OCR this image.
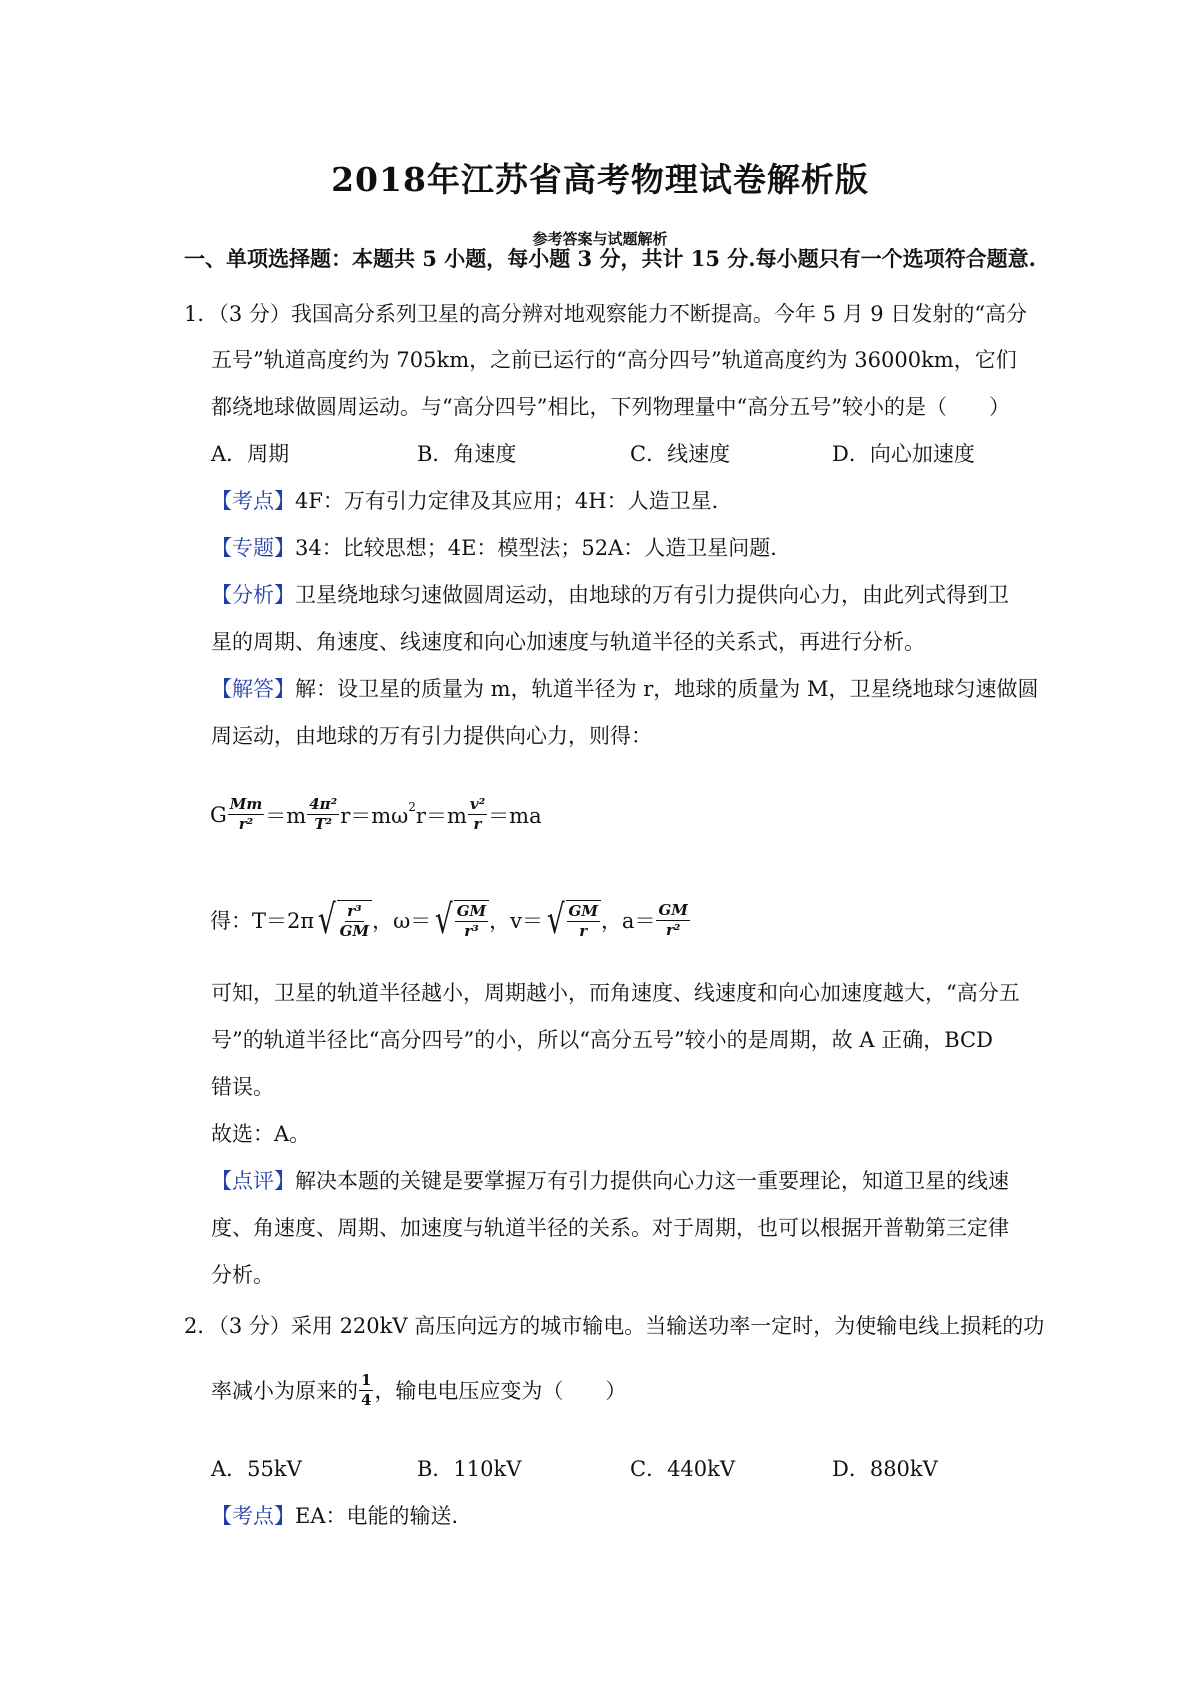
2018年江苏省高考物理试卷解析版
参考答案与试题解析
一、单项选择题：本题共 5 小题，每小题 3 分，共计 15 分.每小题只有一个选项符合题意.
1．（3 分）我国高分系列卫星的高分辨对地观察能力不断提高。今年 5 月 9 日发射的“高分
五号”轨道高度约为 705km，之前已运行的“高分四号”轨道高度约为 36000km，它们
都绕地球做圆周运动。与“高分四号”相比，下列物理量中“高分五号”较小的是（　　）
A．周期	B．角速度	C．线速度	D．向心加速度
【考点】4F：万有引力定律及其应用；4H：人造卫星．
【专题】34：比较思想；4E：模型法；52A：人造卫星问题．
【分析】卫星绕地球匀速做圆周运动，由地球的万有引力提供向心力，由此列式得到卫
星的周期、角速度、线速度和向心加速度与轨道半径的关系式，再进行分析。
【解答】解：设卫星的质量为 m，轨道半径为 r，地球的质量为 M，卫星绕地球匀速做圆
周运动，由地球的万有引力提供向心力，则得：
G $\frac{Mm}{\text{r²}} =m \frac{\text{4π²}}{\text{T²}} r=m\omega^2$ $r=m \frac{\text{v²}}{r} =ma$
得：T＝2π √ $\frac{\text{r³}}{GM}$ ，ω＝ √ $\frac{GM}{\text{r³}}$ ，v＝ √ $\frac{GM}{r}$ ，$a= \frac{GM}{\text{r²}}$
可知，卫星的轨道半径越小，周期越小，而角速度、线速度和向心加速度越大，“高分五
号”的轨道半径比“高分四号”的小，所以“高分五号”较小的是周期，故 A 正确，BCD
错误。
故选：A。
【点评】解决本题的关键是要掌握万有引力提供向心力这一重要理论，知道卫星的线速
度、角速度、周期、加速度与轨道半径的关系。对于周期，也可以根据开普勒第三定律
分析。
2．（3 分）采用 220kV 高压向远方的城市输电。当输送功率一定时，为使输电线上损耗的功
率减小为原来的 $\frac{1}{4}$ ，输电电压应变为（　　）
A．55kV	B．110kV	C．440kV	D．880kV
【考点】EA：电能的输送．
